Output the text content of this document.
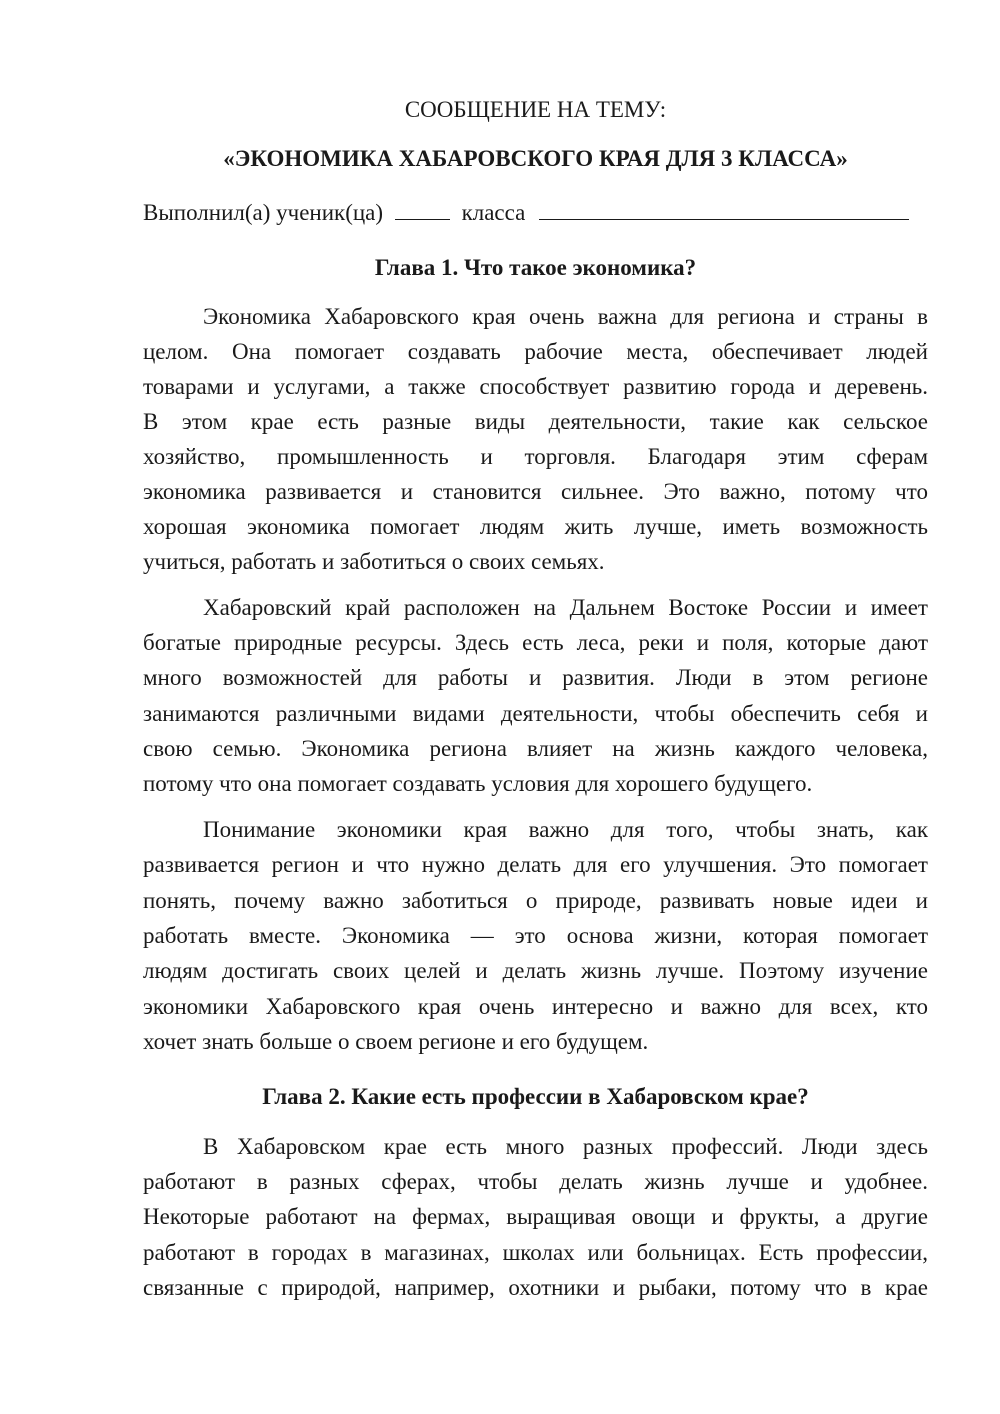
СООБЩЕНИЕ НА ТЕМУ:
«ЭКОНОМИКА ХАБАРОВСКОГО КРАЯ ДЛЯ 3 КЛАССА»
Выполнил(а) ученик(ца)	класса
Глава 1. Что такое экономика?
Экономика Хабаровского края очень важна для региона и страны в
целом. Она помогает создавать рабочие места, обеспечивает людей
товарами и услугами, а также способствует развитию города и деревень.
В этом крае есть разные виды деятельности, такие как сельское
хозяйство, промышленность и торговля. Благодаря этим сферам
экономика развивается и становится сильнее. Это важно, потому что
хорошая экономика помогает людям жить лучше, иметь возможность
учиться, работать и заботиться о своих семьях.
Хабаровский край расположен на Дальнем Востоке России и имеет
богатые природные ресурсы. Здесь есть леса, реки и поля, которые дают
много возможностей для работы и развития. Люди в этом регионе
занимаются различными видами деятельности, чтобы обеспечить себя и
свою семью. Экономика региона влияет на жизнь каждого человека,
потому что она помогает создавать условия для хорошего будущего.
Понимание экономики края важно для того, чтобы знать, как
развивается регион и что нужно делать для его улучшения. Это помогает
понять, почему важно заботиться о природе, развивать новые идеи и
работать вместе. Экономика — это основа жизни, которая помогает
людям достигать своих целей и делать жизнь лучше. Поэтому изучение
экономики Хабаровского края очень интересно и важно для всех, кто
хочет знать больше о своем регионе и его будущем.
Глава 2. Какие есть профессии в Хабаровском крае?
В Хабаровском крае есть много разных профессий. Люди здесь
работают в разных сферах, чтобы делать жизнь лучше и удобнее.
Некоторые работают на фермах, выращивая овощи и фрукты, а другие
работают в городах в магазинах, школах или больницах. Есть профессии,
связанные с природой, например, охотники и рыбаки, потому что в крае
